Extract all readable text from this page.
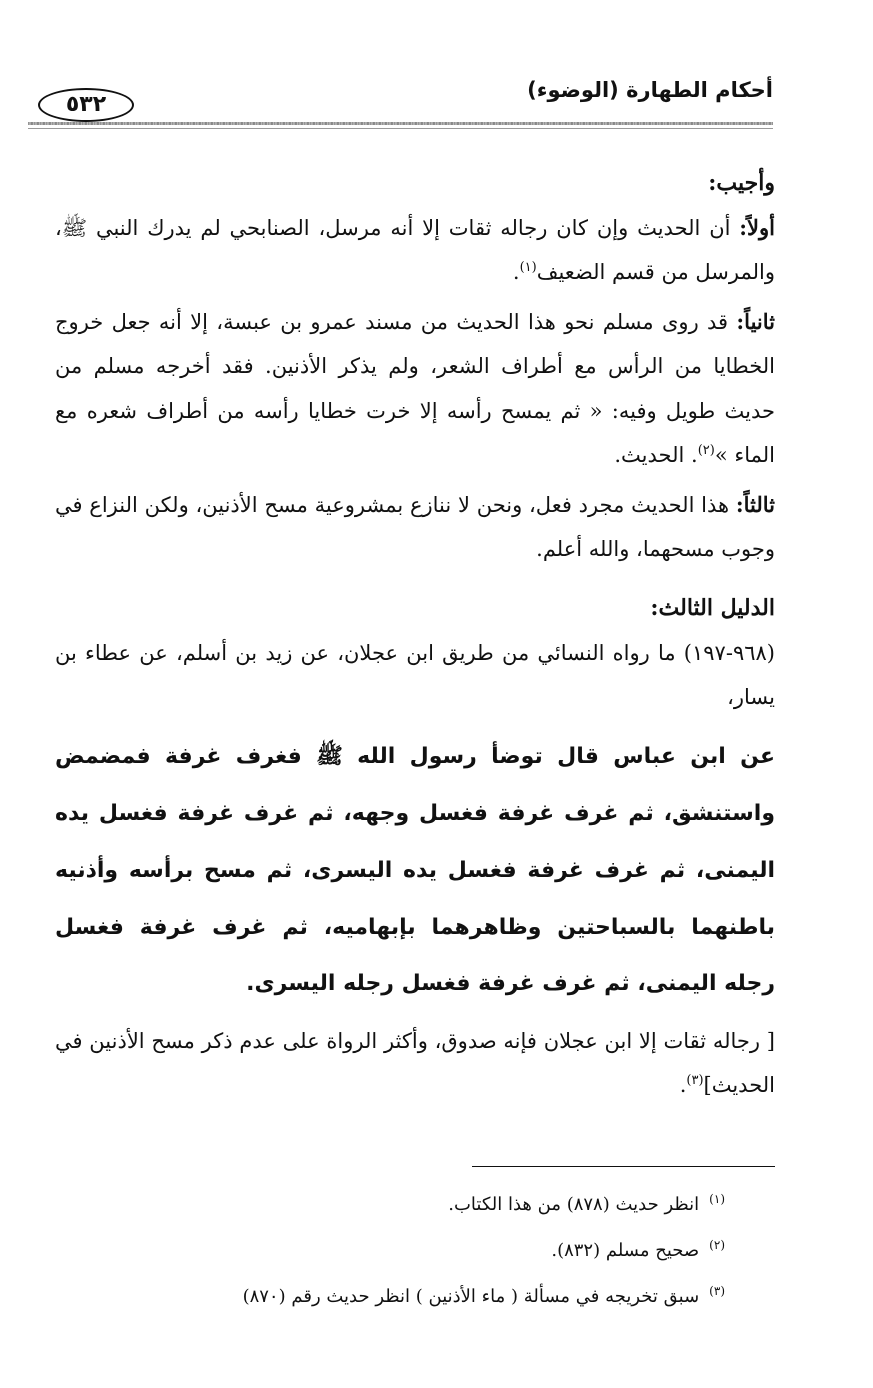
أحكام الطهارة (الوضوء)
٥٣٢

وأجيب:

أولاً: أن الحديث وإن كان رجاله ثقات إلا أنه مرسل، الصنابحي لم يدرك النبي ﷺ، والمرسل من قسم الضعيف$^{(١)}$.

ثانياً: قد روى مسلم نحو هذا الحديث من مسند عمرو بن عبسة، إلا أنه جعل خروج الخطايا من الرأس مع أطراف الشعر، ولم يذكر الأذنين. فقد أخرجه مسلم من حديث طويل وفيه: « ثم يمسح رأسه إلا خرت خطايا رأسه من أطراف شعره مع الماء »$^{(٢)}$. الحديث.

ثالثاً: هذا الحديث مجرد فعل، ونحن لا ننازع بمشروعية مسح الأذنين، ولكن النزاع في وجوب مسحهما، والله أعلم.

الدليل الثالث:

(٩٦٨-١٩٧) ما رواه النسائي من طريق ابن عجلان، عن زيد بن أسلم، عن عطاء بن يسار،

عن ابن عباس قال توضأ رسول الله ﷺ فغرف غرفة فمضمض واستنشق، ثم غرف غرفة فغسل وجهه، ثم غرف غرفة فغسل يده اليمنى، ثم غرف غرفة فغسل يده اليسرى، ثم مسح برأسه وأذنيه باطنهما بالسباحتين وظاهرهما بإبهاميه، ثم غرف غرفة فغسل رجله اليمنى، ثم غرف غرفة فغسل رجله اليسرى.

[ رجاله ثقات إلا ابن عجلان فإنه صدوق، وأكثر الرواة على عدم ذكر مسح الأذنين في الحديث]$^{(٣)}$.

$^{(١)}$انظر حديث (٨٧٨) من هذا الكتاب.
$^{(٢)}$صحيح مسلم (٨٣٢).
$^{(٣)}$سبق تخريجه في مسألة ( ماء الأذنين ) انظر حديث رقم (٨٧٠)
